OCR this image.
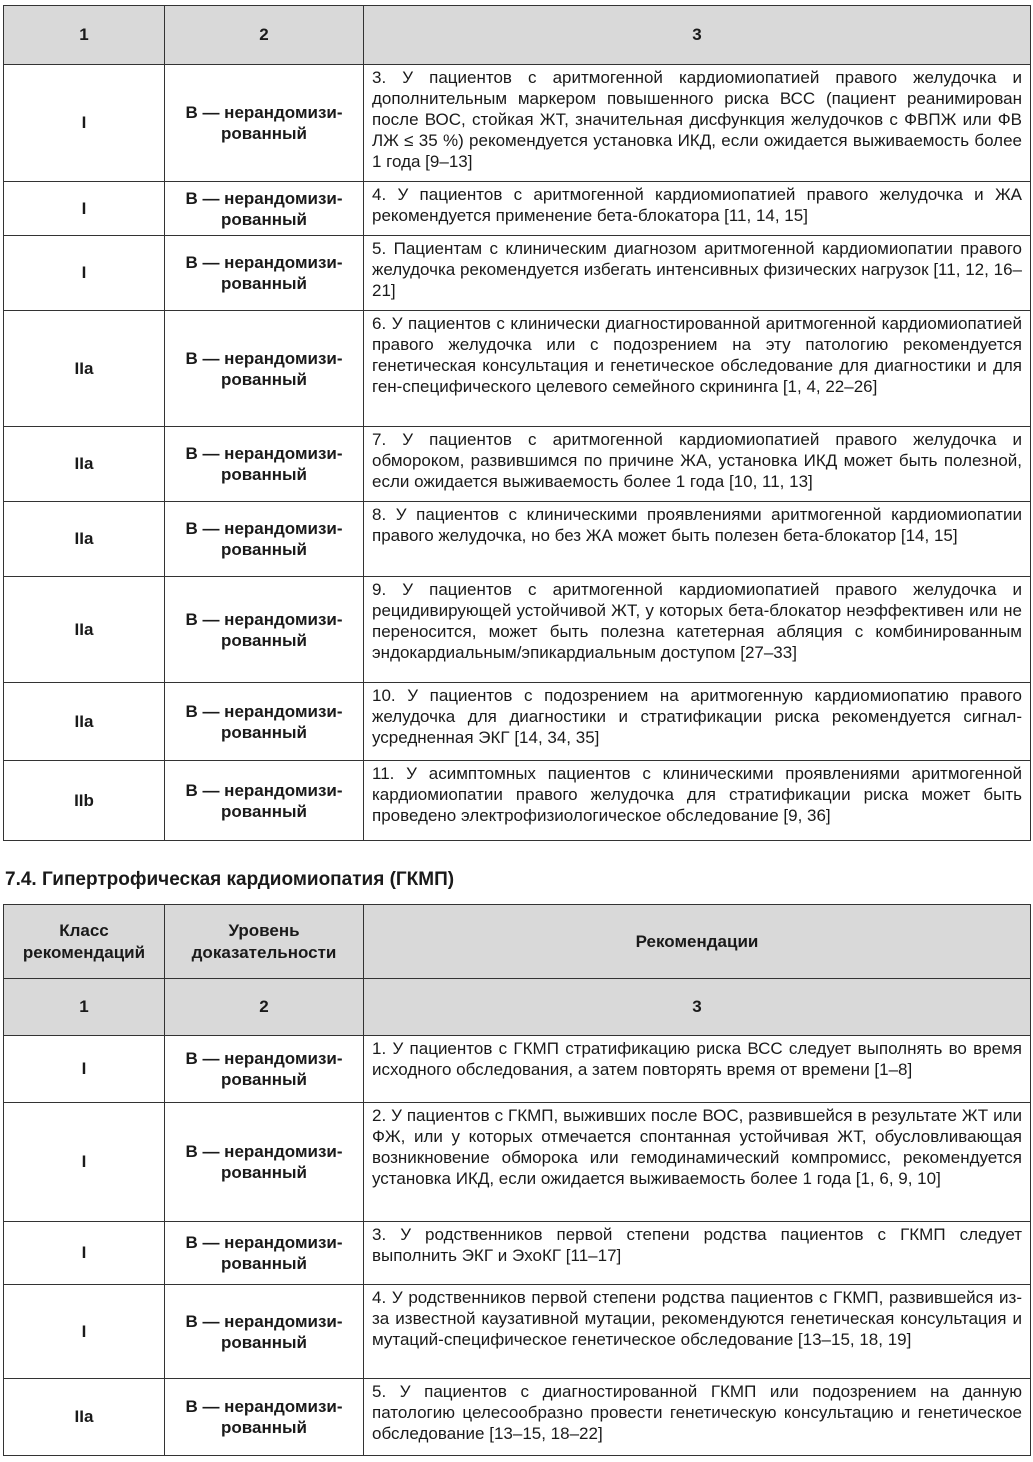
1	2	3
I	В — нерандомизи-рованный	3. У пациентов с аритмогенной кардиомиопатией правого желудочка и дополнительным маркером повышенного риска ВСС (пациент реанимирован после ВОС, стойкая ЖТ, значительная дисфункция желудочков с ФВПЖ или ФВ ЛЖ ≤ 35 %) рекомендуется установка ИКД, если ожидается выживаемость более 1 года [9–13]
I	В — нерандомизи-рованный	4. У пациентов с аритмогенной кардиомиопатией правого желудочка и ЖА рекомендуется применение бета-блокатора [11, 14, 15]
I	В — нерандомизи-рованный	5. Пациентам с клиническим диагнозом аритмогенной кардиомиопатии правого желудочка рекомендуется избегать интенсивных физических нагрузок [11, 12, 16–21]
IIa	В — нерандомизи-рованный	6. У пациентов с клинически диагностированной аритмогенной кардиомиопатией правого желудочка или с подозрением на эту патологию рекомендуется генетическая консультация и генетическое обследование для диагностики и для ген-специфического целевого семейного скрининга [1, 4, 22–26]
IIa	В — нерандомизи-рованный	7. У пациентов с аритмогенной кардиомиопатией правого желудочка и обмороком, развившимся по причине ЖА, установка ИКД может быть полезной, если ожидается выживаемость более 1 года [10, 11, 13]
IIa	В — нерандомизи-рованный	8. У пациентов с клиническими проявлениями аритмогенной кардиомиопатии правого желудочка, но без ЖА может быть полезен бета-блокатор [14, 15]
IIa	В — нерандомизи-рованный	9. У пациентов с аритмогенной кардиомиопатией правого желудочка и рецидивирующей устойчивой ЖТ, у которых бета-блокатор неэффективен или не переносится, может быть полезна катетерная абляция с комбинированным эндокардиальным/эпикардиальным доступом [27–33]
IIa	В — нерандомизи-рованный	10. У пациентов с подозрением на аритмогенную кардиомиопатию правого желудочка для диагностики и стратификации риска рекомендуется сигнал-усредненная ЭКГ [14, 34, 35]
IIb	В — нерандомизи-рованный	11. У асимптомных пациентов с клиническими проявлениями аритмогенной кардиомиопатии правого желудочка для стратификации риска может быть проведено электрофизиологическое обследование [9, 36]
7.4. Гипертрофическая кардиомиопатия (ГКМП)
Класс рекомендаций	Уровень доказательности	Рекомендации
1	2	3
I	В — нерандомизи-рованный	1. У пациентов с ГКМП стратификацию риска ВСС следует выполнять во время исходного обследования, а затем повторять время от времени [1–8]
I	В — нерандомизи-рованный	2. У пациентов с ГКМП, выживших после ВОС, развившейся в результате ЖТ или ФЖ, или у которых отмечается спонтанная устойчивая ЖТ, обусловливающая возникновение обморока или гемодинамический компромисс, рекомендуется установка ИКД, если ожидается выживаемость более 1 года [1, 6, 9, 10]
I	В — нерандомизи-рованный	3. У родственников первой степени родства пациентов с ГКМП следует выполнить ЭКГ и ЭхоКГ [11–17]
I	В — нерандомизи-рованный	4. У родственников первой степени родства пациентов с ГКМП, развившейся из-за известной каузативной мутации, рекомендуются генетическая консультация и мутаций-специфическое генетическое обследование [13–15, 18, 19]
IIa	В — нерандомизи-рованный	5. У пациентов с диагностированной ГКМП или подозрением на данную патологию целесообразно провести генетическую консультацию и генетическое обследование [13–15, 18–22]
